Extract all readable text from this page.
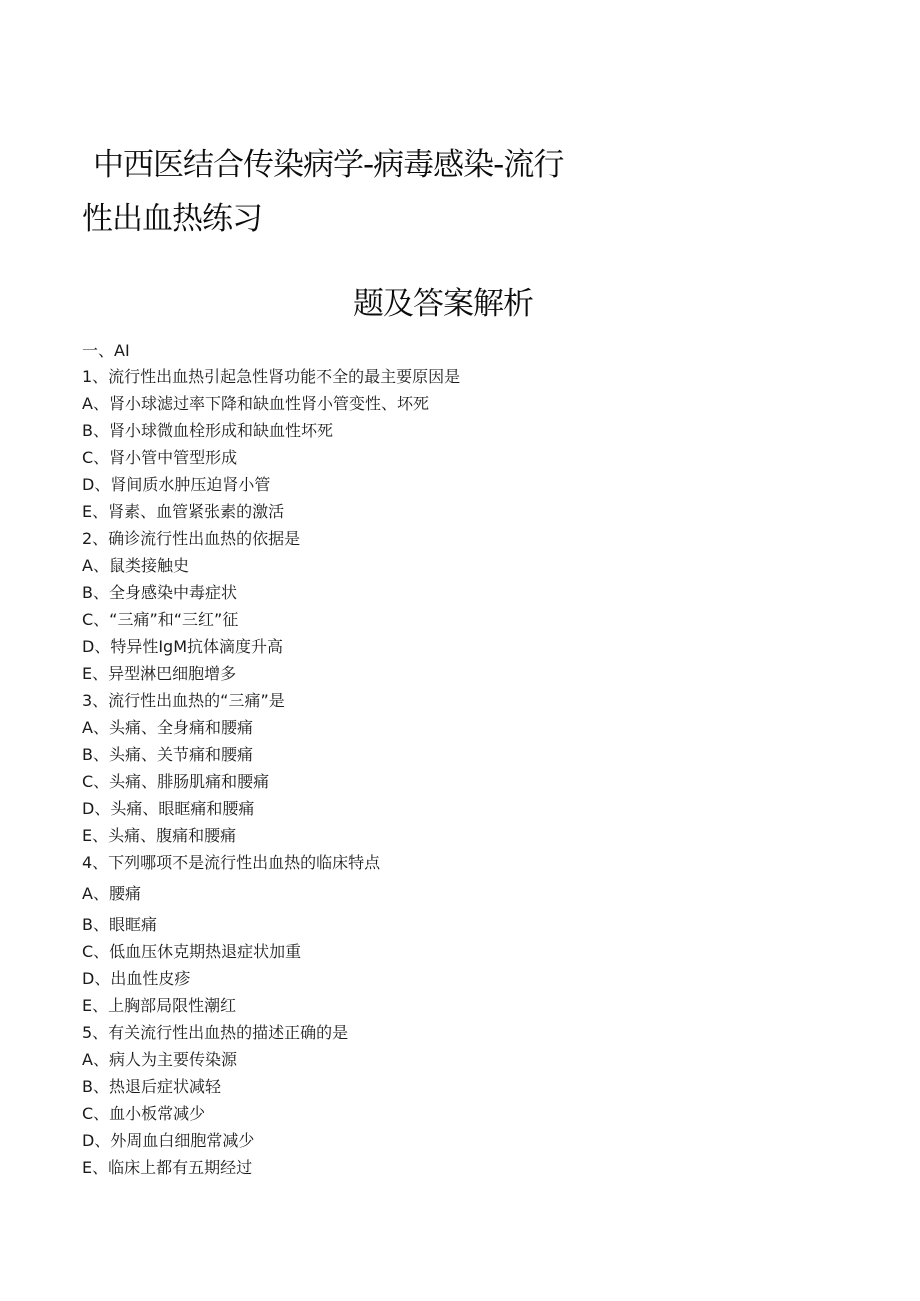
中西医结合传染病学-病毒感染-流行
性出血热练习
题及答案解析
一、AI
1、流行性出血热引起急性肾功能不全的最主要原因是
A、肾小球滤过率下降和缺血性肾小管变性、坏死
B、肾小球微血栓形成和缺血性坏死
C、肾小管中管型形成
D、肾间质水肿压迫肾小管
E、肾素、血管紧张素的激活
2、确诊流行性出血热的依据是
A、鼠类接触史
B、全身感染中毒症状
C、“三痛”和“三红”征
D、特异性IgM抗体滴度升高
E、异型淋巴细胞增多
3、流行性出血热的“三痛”是
A、头痛、全身痛和腰痛
B、头痛、关节痛和腰痛
C、头痛、腓肠肌痛和腰痛
D、头痛、眼眶痛和腰痛
E、头痛、腹痛和腰痛
4、下列哪项不是流行性出血热的临床特点
A、腰痛
B、眼眶痛
C、低血压休克期热退症状加重
D、出血性皮疹
E、上胸部局限性潮红
5、有关流行性出血热的描述正确的是
A、病人为主要传染源
B、热退后症状减轻
C、血小板常减少
D、外周血白细胞常减少
E、临床上都有五期经过
